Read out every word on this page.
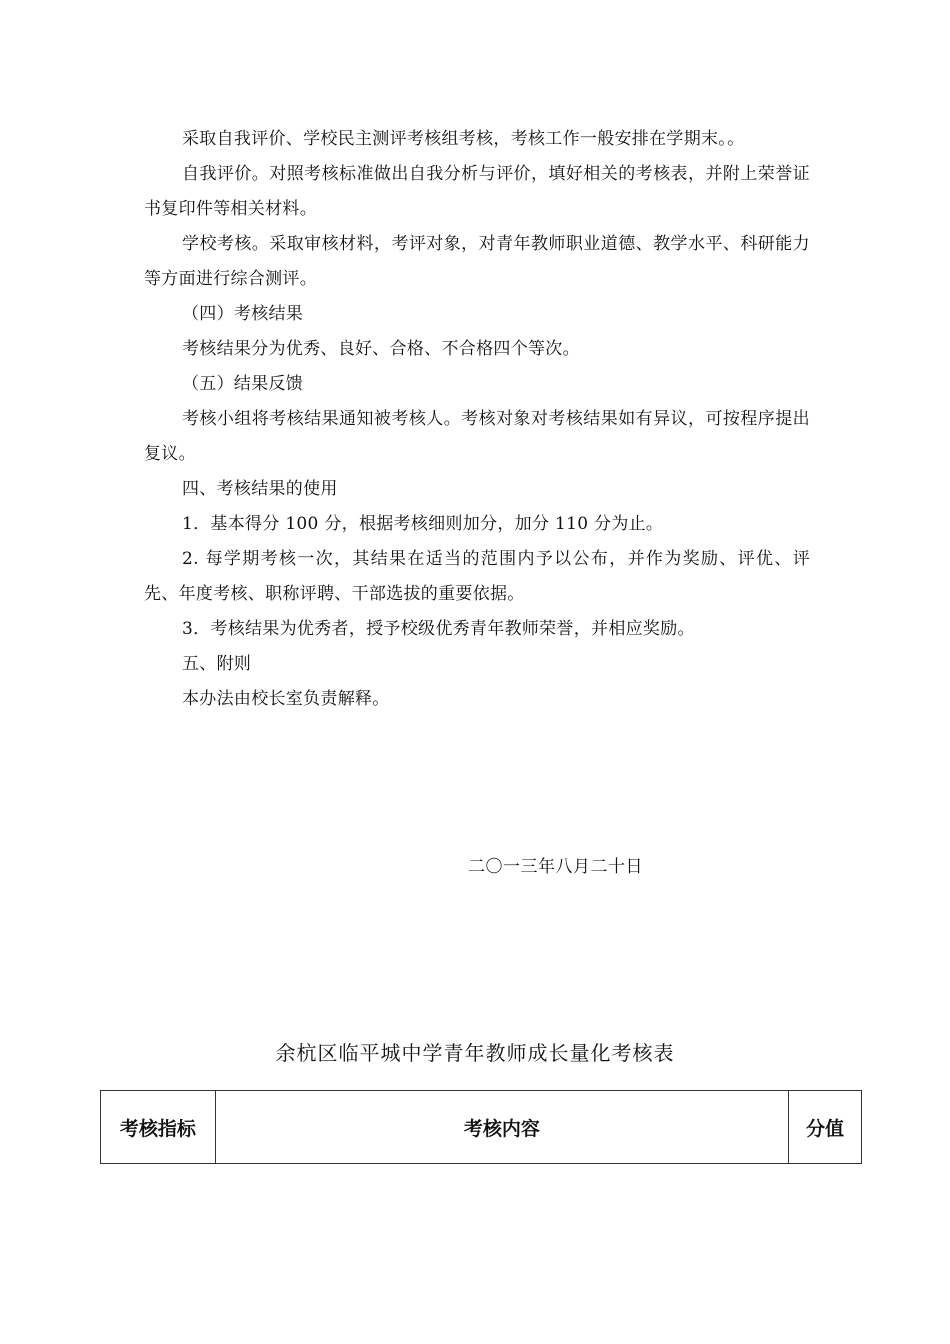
采取自我评价、学校民主测评考核组考核，考核工作一般安排在学期末。。

自我评价。对照考核标准做出自我分析与评价，填好相关的考核表，并附上荣誉证书复印件等相关材料。

学校考核。采取审核材料，考评对象，对青年教师职业道德、教学水平、科研能力等方面进行综合测评。

（四）考核结果

考核结果分为优秀、良好、合格、不合格四个等次。

（五）结果反馈

考核小组将考核结果通知被考核人。考核对象对考核结果如有异议，可按程序提出复议。

四、考核结果的使用

1．基本得分 100 分，根据考核细则加分，加分 110 分为止。

2. 每学期考核一次，其结果在适当的范围内予以公布，并作为奖励、评优、评先、年度考核、职称评聘、干部选拔的重要依据。

3．考核结果为优秀者，授予校级优秀青年教师荣誉，并相应奖励。

五、附则

本办法由校长室负责解释。

二〇一三年八月二十日
余杭区临平城中学青年教师成长量化考核表
考核指标	考核内容	分值
